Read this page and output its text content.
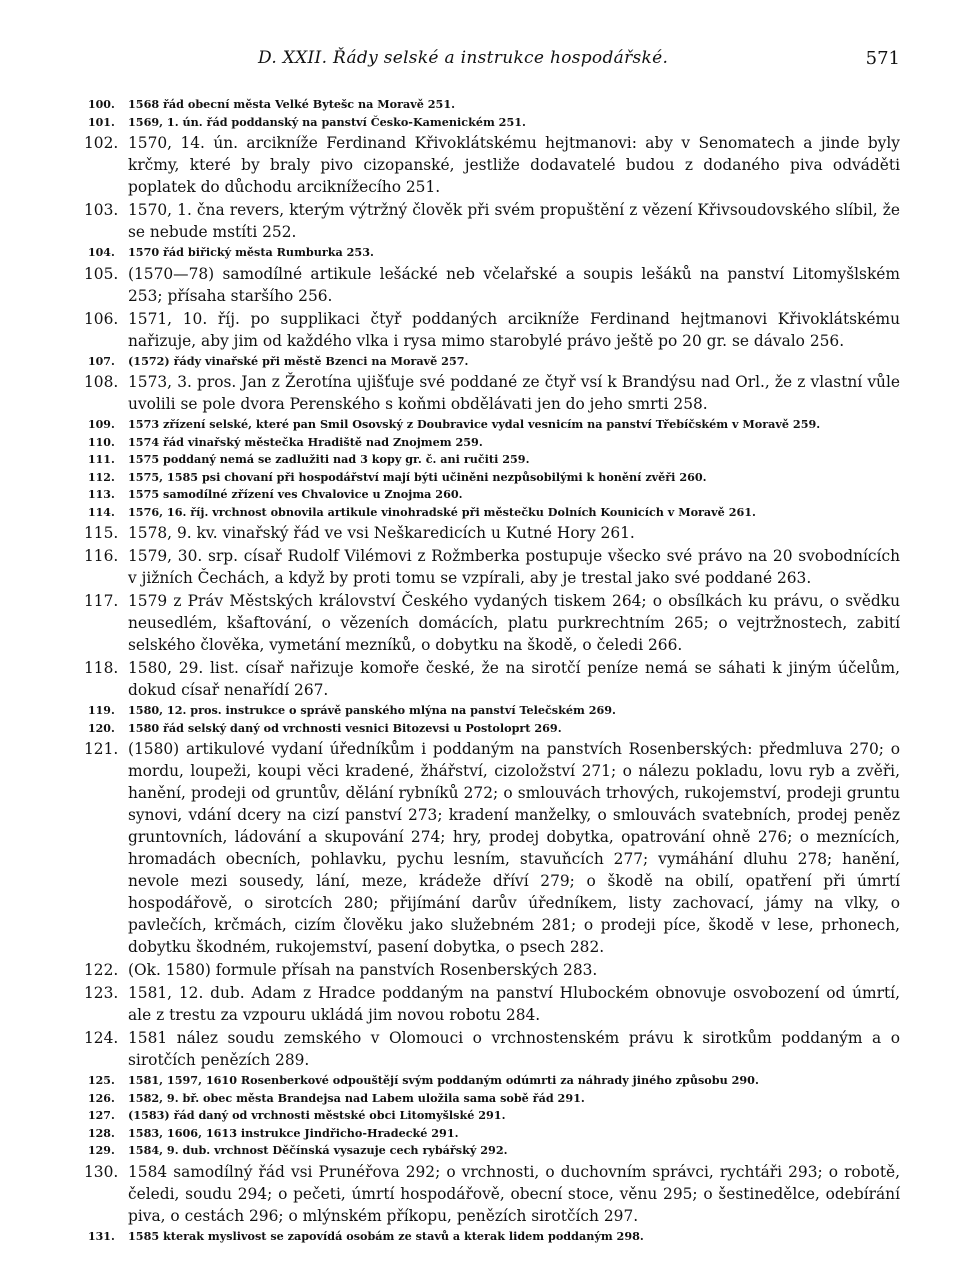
D. XXII. Řády selské a instrukce hospodářské.	571
100. 1568 řád obecní města Velké Bytešc na Moravě 251.
101. 1569, 1. ún. řád poddanský na panství Česko-Kamenickém 251.
102. 1570, 14. ún. arcikníže Ferdinand Křivoklátskému hejtmanovi: aby v Senomatech a jinde byly krčmy, které by braly pivo cizopanské, jestliže dodavatelé budou z dodaného piva odváděti poplatek do důchodu arciknížecího 251.
103. 1570, 1. čna revers, kterým výtržný člověk při svém propuštění z vězení Křivsoudovského slíbil, že se nebude mstíti 252.
104. 1570 řád biřický města Rumburka 253.
105. (1570—78) samodílné artikule lešácké neb včelařské a soupis lešáků na panství Litomyšlském 253; přísaha staršího 256.
106. 1571, 10. říj. po supplikaci čtyř poddaných arcikníže Ferdinand hejtmanovi Křivoklátskému nařizuje, aby jim od každého vlka i rysa mimo starobylé právo ještě po 20 gr. se dávalo 256.
107. (1572) řády vinařské při městě Bzenci na Moravě 257.
108. 1573, 3. pros. Jan z Žerotína ujišťuje své poddané ze čtyř vsí k Brandýsu nad Orl., že z vlastní vůle uvolili se pole dvora Perenského s koňmi obdělávati jen do jeho smrti 258.
109. 1573 zřízení selské, které pan Smil Osovský z Doubravice vydal vesnicím na panství Třebíčském v Moravě 259.
110. 1574 řád vinařský městečka Hradiště nad Znojmem 259.
111. 1575 poddaný nemá se zadlužiti nad 3 kopy gr. č. ani ručiti 259.
112. 1575, 1585 psi chovaní při hospodářství mají býti učiněni nezpůsobilými k honění zvěři 260.
113. 1575 samodílné zřízení ves Chvalovice u Znojma 260.
114. 1576, 16. říj. vrchnost obnovila artikule vinohradské při městečku Dolních Kounicích v Moravě 261.
115. 1578, 9. kv. vinařský řád ve vsi Neškaredicích u Kutné Hory 261.
116. 1579, 30. srp. císař Rudolf Vilémovi z Rožmberka postupuje všecko své právo na 20 svobodnících v jižních Čechách, a když by proti tomu se vzpírali, aby je trestal jako své poddané 263.
117. 1579 z Práv Městských království Českého vydaných tiskem 264; o obsílkách ku právu, o svědku neusedlém, kšaftování, o vězeních domácích, platu purkrechtním 265; o vejtržnostech, zabití selského člověka, vymetání mezníků, o dobytku na škodě, o čeledi 266.
118. 1580, 29. list. císař nařizuje komoře české, že na sirotčí peníze nemá se sáhati k jiným účelům, dokud císař nenařídí 267.
119. 1580, 12. pros. instrukce o správě panského mlýna na panství Telečském 269.
120. 1580 řád selský daný od vrchnosti vesnici Bitozevsi u Postoloprt 269.
121. (1580) artikulové vydaní úředníkům i poddaným na panstvích Rosenberských: předmluva 270; o mordu, loupeži, koupi věci kradené, žhářství, cizoložství 271; o nálezu pokladu, lovu ryb a zvěři, hanění, prodeji od gruntův, dělání rybníků 272; o smlouvách trhových, rukojemství, prodeji gruntu synovi, vdání dcery na cizí panství 273; kradení manželky, o smlouvách svatebních, prodej peněz gruntovních, ládování a skupování 274; hry, prodej dobytka, opatrování ohně 276; o meznících, hromadách obecních, pohlavku, pychu lesním, stavuňcích 277; vymáhání dluhu 278; hanění, nevole mezi sousedy, lání, meze, krádeže dříví 279; o škodě na obilí, opatření při úmrtí hospodářově, o sirotcích 280; přijímání darův úředníkem, listy zachovací, jámy na vlky, o pavlečích, krčmách, cizím člověku jako služebném 281; o prodeji píce, škodě v lese, prhonech, dobytku škodném, rukojemství, pasení dobytka, o psech 282.
122. (Ok. 1580) formule přísah na panstvích Rosenberských 283.
123. 1581, 12. dub. Adam z Hradce poddaným na panství Hlubockém obnovuje osvobození od úmrtí, ale z trestu za vzpouru ukládá jim novou robotu 284.
124. 1581 nález soudu zemského v Olomouci o vrchnostenském právu k sirotkům poddaným a o sirotčích penězích 289.
125. 1581, 1597, 1610 Rosenberkové odpouštějí svým poddaným odúmrti za náhrady jiného způsobu 290.
126. 1582, 9. bř. obec města Brandejsa nad Labem uložila sama sobě řád 291.
127. (1583) řád daný od vrchnosti městské obci Litomyšlské 291.
128. 1583, 1606, 1613 instrukce Jindřicho-Hradecké 291.
129. 1584, 9. dub. vrchnost Děčínská vysazuje cech rybářský 292.
130. 1584 samodílný řád vsi Prunéřova 292; o vrchnosti, o duchovním správci, rychtáři 293; o robotě, čeledi, soudu 294; o pečeti, úmrtí hospodářově, obecní stoce, věnu 295; o šestinedělce, odebírání piva, o cestách 296; o mlýnském příkopu, penězích sirotčích 297.
131. 1585 kterak myslivost se zapovídá osobám ze stavů a kterak lidem poddaným 298.
